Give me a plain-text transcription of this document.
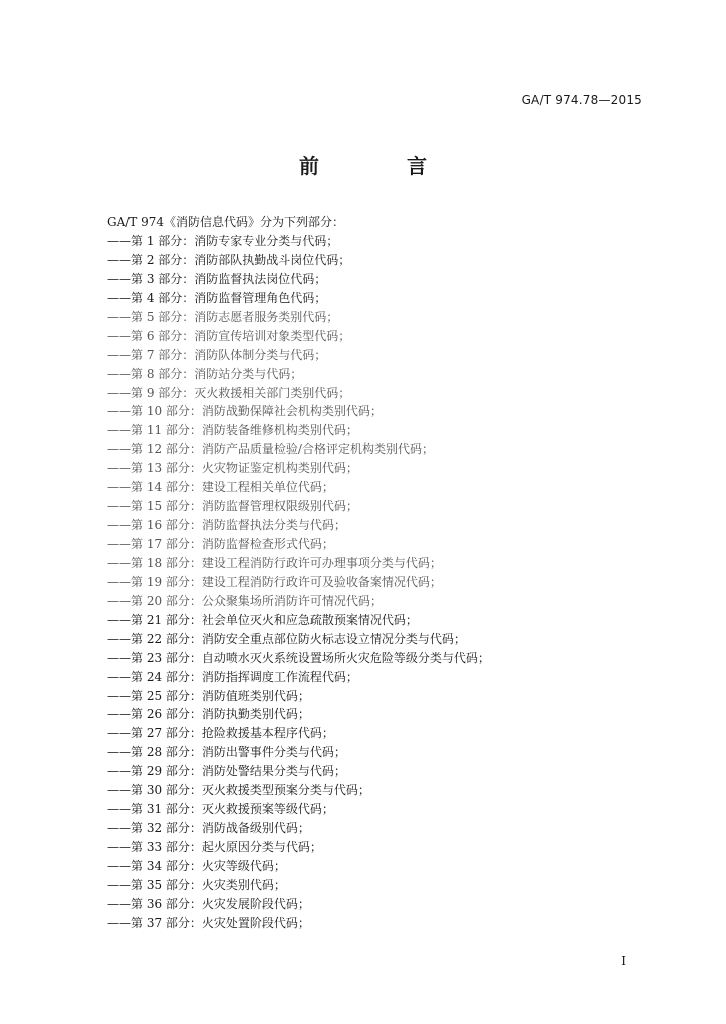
GA/T 974.78—2015
前　言
GA/T 974《消防信息代码》分为下列部分：
——第 1 部分：消防专家专业分类与代码；
——第 2 部分：消防部队执勤战斗岗位代码；
——第 3 部分：消防监督执法岗位代码；
——第 4 部分：消防监督管理角色代码；
——第 5 部分：消防志愿者服务类别代码；
——第 6 部分：消防宣传培训对象类型代码；
——第 7 部分：消防队体制分类与代码；
——第 8 部分：消防站分类与代码；
——第 9 部分：灭火救援相关部门类别代码；
——第 10 部分：消防战勤保障社会机构类别代码；
——第 11 部分：消防装备维修机构类别代码；
——第 12 部分：消防产品质量检验/合格评定机构类别代码；
——第 13 部分：火灾物证鉴定机构类别代码；
——第 14 部分：建设工程相关单位代码；
——第 15 部分：消防监督管理权限级别代码；
——第 16 部分：消防监督执法分类与代码；
——第 17 部分：消防监督检查形式代码；
——第 18 部分：建设工程消防行政许可办理事项分类与代码；
——第 19 部分：建设工程消防行政许可及验收备案情况代码；
——第 20 部分：公众聚集场所消防许可情况代码；
——第 21 部分：社会单位灭火和应急疏散预案情况代码；
——第 22 部分：消防安全重点部位防火标志设立情况分类与代码；
——第 23 部分：自动喷水灭火系统设置场所火灾危险等级分类与代码；
——第 24 部分：消防指挥调度工作流程代码；
——第 25 部分：消防值班类别代码；
——第 26 部分：消防执勤类别代码；
——第 27 部分：抢险救援基本程序代码；
——第 28 部分：消防出警事件分类与代码；
——第 29 部分：消防处警结果分类与代码；
——第 30 部分：灭火救援类型预案分类与代码；
——第 31 部分：灭火救援预案等级代码；
——第 32 部分：消防战备级别代码；
——第 33 部分：起火原因分类与代码；
——第 34 部分：火灾等级代码；
——第 35 部分：火灾类别代码；
——第 36 部分：火灾发展阶段代码；
——第 37 部分：火灾处置阶段代码；
I
